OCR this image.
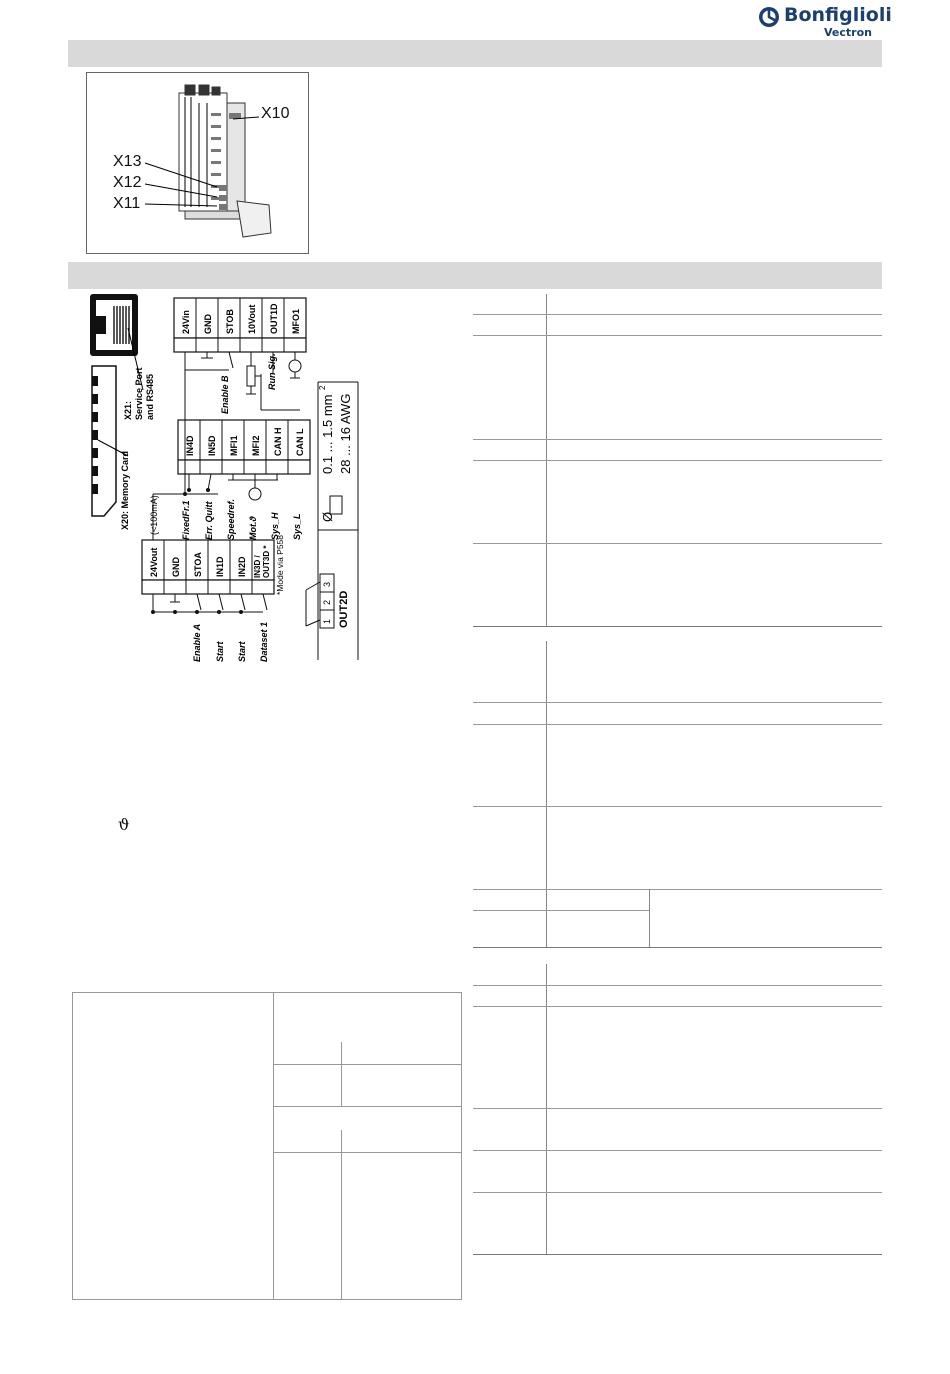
Bonfiglioli
Vectron
X10
X13
X12
X11
24Vin GND STOB 10Vout OUT1D MFO1
IN4D IN5D MFI1 MFI2 CAN H CAN L
24Vout GND STOA IN1D IN2D IN3D / OUT3D *
Enable B
Run Sig.
FixedFr.1 Err. Quitt Speedref. Mot.ϑ Sys_H Sys_L
Enable A Start Start Dataset 1
X21: Service Port and RS485
X20: Memory Card (<100mA)
*Mode via P558
Ø
0.1 ... 1.5 mm
2
28 ... 16 AWG
1
2
3
OUT2D
ϑ
